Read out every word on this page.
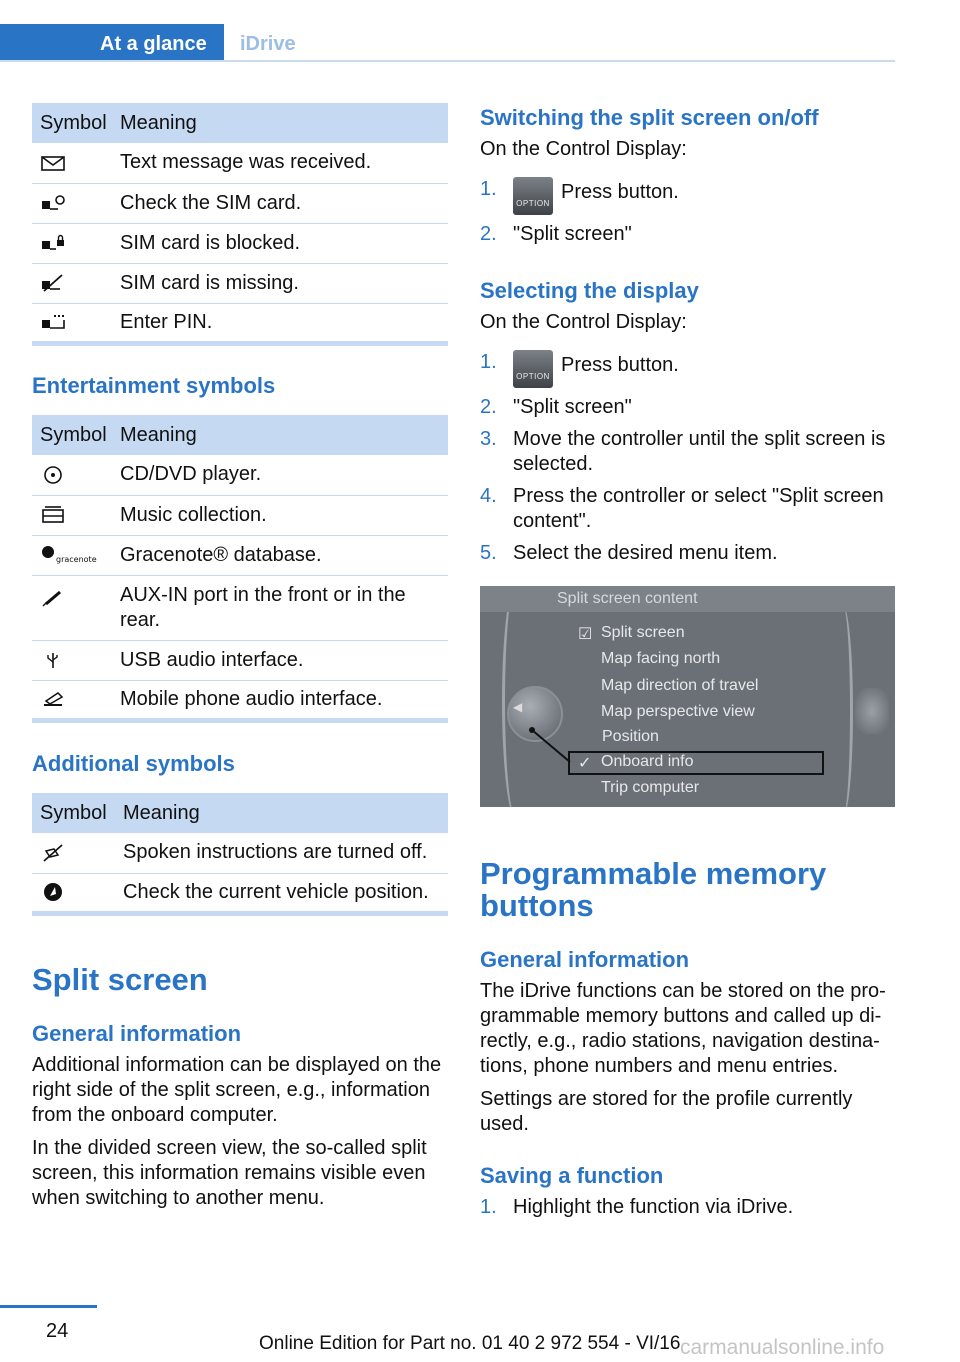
At a glance	iDrive
Symbol	Meaning

	Text message was received.

	Check the SIM card.

	SIM card is blocked.

	SIM card is missing.

	Enter PIN.
Entertainment symbols
Symbol	Meaning

	CD/DVD player.

	Music collection.

gracenote	Gracenote® database.

	AUX-IN port in the front or in the rear.

	USB audio interface.

	Mobile phone audio interface.
Additional symbols
Symbol	Meaning

	Spoken instructions are turned off.

	Check the current vehicle position.
Split screen
General information
Additional information can be displayed on the right side of the split screen, e.g., information from the onboard computer.
In the divided screen view, the so-called split screen, this information remains visible even when switching to another menu.
Switching the split screen on/off
On the Control Display:
1.
OPTIONPress button.
2. "Split screen"
Selecting the display
On the Control Display:
1.
OPTIONPress button.
2. "Split screen"
3. Move the controller until the split screen is selected.
4. Press the controller or select "Split screen content".
5. Select the desired menu item.
Split screen content
◀
☑ Split screen
Map facing north
Map direction of travel
Map perspective view
Position
✓ Onboard info
Trip computer
Programmable memory buttons
General information
The iDrive functions can be stored on the pro‐grammable memory buttons and called up di‐rectly, e.g., radio stations, navigation destina‐tions, phone numbers and menu entries.
Settings are stored for the profile currently used.
Saving a function
1. Highlight the function via iDrive.
24
Online Edition for Part no. 01 40 2 972 554 - VI/16 carmanualsonline.info
